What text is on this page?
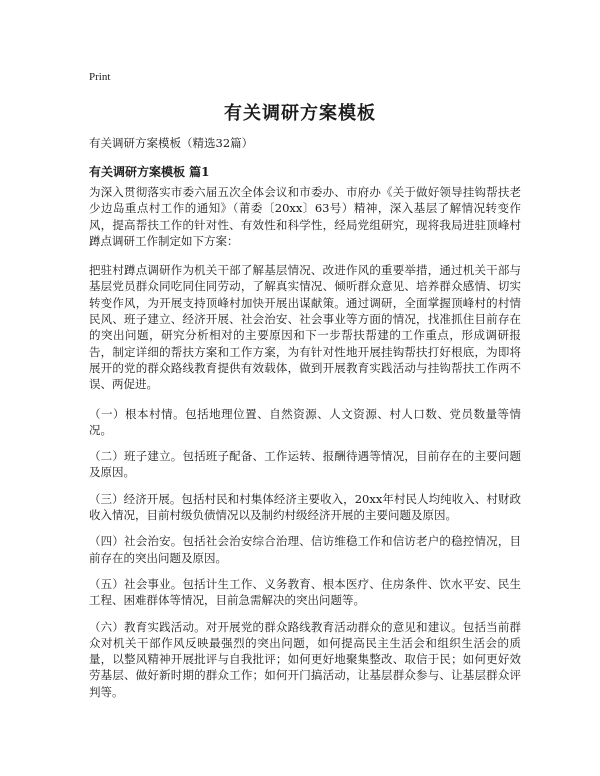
Print
有关调研方案模板
有关调研方案模板（精选32篇）
有关调研方案模板 篇1

为深入贯彻落实市委六届五次全体会议和市委办、市府办《关于做好领导挂钩帮扶老少边岛重点村工作的通知》（莆委〔20xx〕63号）精神，深入基层了解情况转变作风，提高帮扶工作的针对性、有效性和科学性，经局党组研究，现将我局进驻顶峰村蹲点调研工作制定如下方案：

把驻村蹲点调研作为机关干部了解基层情况、改进作风的重要举措，通过机关干部与基层党员群众同吃同住同劳动，了解真实情况、倾听群众意见、培养群众感情、切实转变作风，为开展支持顶峰村加快开展出谋献策。通过调研，全面掌握顶峰村的村情民风、班子建立、经济开展、社会治安、社会事业等方面的情况，找准抓住目前存在的突出问题，研究分析相对的主要原因和下一步帮扶帮建的工作重点，形成调研报告，制定详细的帮扶方案和工作方案，为有针对性地开展挂钩帮扶打好根底，为即将展开的党的群众路线教育提供有效载体，做到开展教育实践活动与挂钩帮扶工作两不误、两促进。

（一）根本村情。包括地理位置、自然资源、人文资源、村人口数、党员数量等情况。

（二）班子建立。包括班子配备、工作运转、报酬待遇等情况，目前存在的主要问题及原因。

（三）经济开展。包括村民和村集体经济主要收入，20xx年村民人均纯收入、村财政收入情况，目前村级负债情况以及制约村级经济开展的主要问题及原因。

（四）社会治安。包括社会治安综合治理、信访维稳工作和信访老户的稳控情况，目前存在的突出问题及原因。

（五）社会事业。包括计生工作、义务教育、根本医疗、住房条件、饮水平安、民生工程、困难群体等情况，目前急需解决的突出问题等。

（六）教育实践活动。对开展党的群众路线教育活动群众的意见和建议。包括当前群众对机关干部作风反映最强烈的突出问题，如何提高民主生活会和组织生活会的质量，以整风精神开展批评与自我批评；如何更好地聚集整改、取信于民；如何更好效劳基层、做好新时期的群众工作；如何开门搞活动，让基层群众参与、让基层群众评判等。
